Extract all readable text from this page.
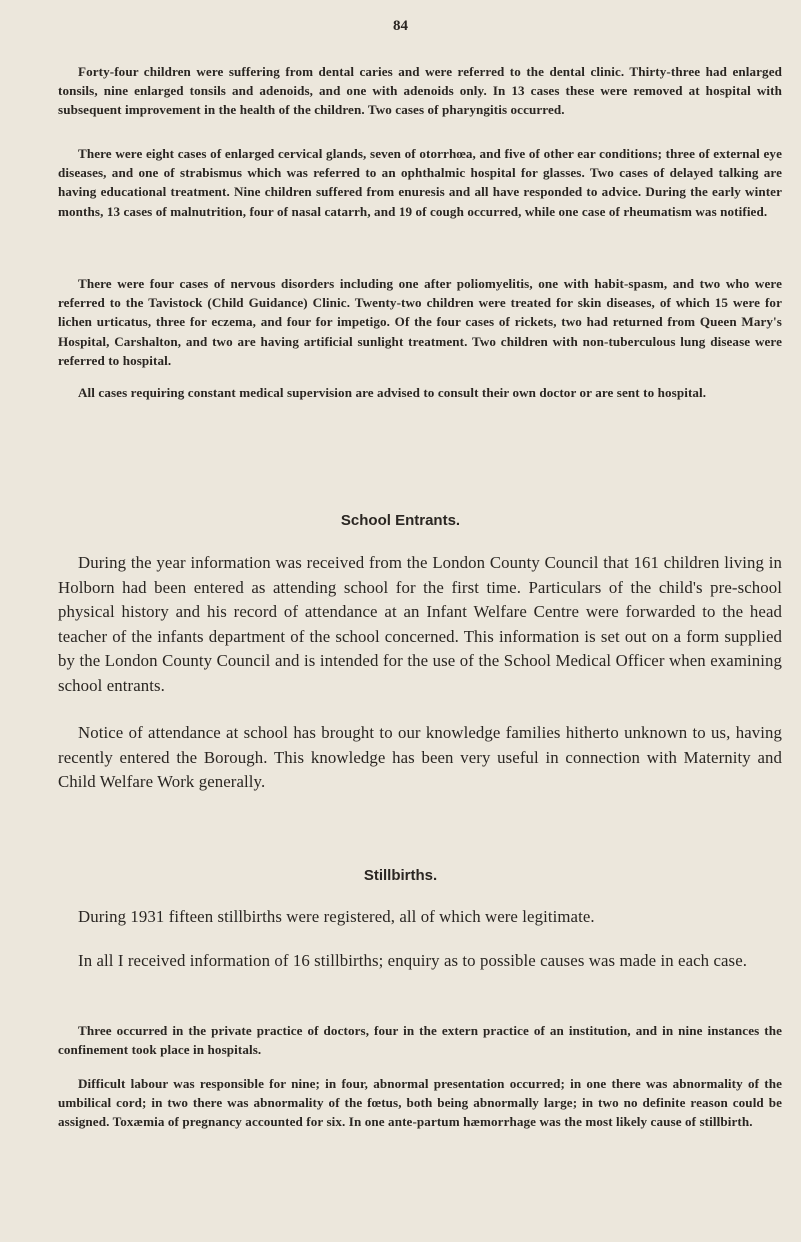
84
Forty-four children were suffering from dental caries and were referred to the dental clinic. Thirty-three had enlarged tonsils, nine enlarged tonsils and adenoids, and one with adenoids only. In 13 cases these were removed at hospital with subsequent improvement in the health of the children. Two cases of pharyngitis occurred.
There were eight cases of enlarged cervical glands, seven of otorrhœa, and five of other ear conditions; three of external eye diseases, and one of strabismus which was referred to an ophthalmic hospital for glasses. Two cases of delayed talking are having educational treatment. Nine children suffered from enuresis and all have responded to advice. During the early winter months, 13 cases of malnutrition, four of nasal catarrh, and 19 of cough occurred, while one case of rheumatism was notified.
There were four cases of nervous disorders including one after poliomyelitis, one with habit-spasm, and two who were referred to the Tavistock (Child Guidance) Clinic. Twenty-two children were treated for skin diseases, of which 15 were for lichen urticatus, three for eczema, and four for impetigo. Of the four cases of rickets, two had returned from Queen Mary's Hospital, Carshalton, and two are having artificial sunlight treatment. Two children with non-tuberculous lung disease were referred to hospital.
All cases requiring constant medical supervision are advised to consult their own doctor or are sent to hospital.
School Entrants.
During the year information was received from the London County Council that 161 children living in Holborn had been entered as attending school for the first time. Particulars of the child's pre-school physical history and his record of attendance at an Infant Welfare Centre were forwarded to the head teacher of the infants department of the school concerned. This information is set out on a form supplied by the London County Council and is intended for the use of the School Medical Officer when examining school entrants.
Notice of attendance at school has brought to our knowledge families hitherto unknown to us, having recently entered the Borough. This knowledge has been very useful in connection with Maternity and Child Welfare Work generally.
Stillbirths.
During 1931 fifteen stillbirths were registered, all of which were legitimate.
In all I received information of 16 stillbirths; enquiry as to possible causes was made in each case.
Three occurred in the private practice of doctors, four in the extern practice of an institution, and in nine instances the confinement took place in hospitals.
Difficult labour was responsible for nine; in four, abnormal presentation occurred; in one there was abnormality of the umbilical cord; in two there was abnormality of the fœtus, both being abnormally large; in two no definite reason could be assigned. Toxæmia of pregnancy accounted for six. In one ante-partum hæmorrhage was the most likely cause of stillbirth.
